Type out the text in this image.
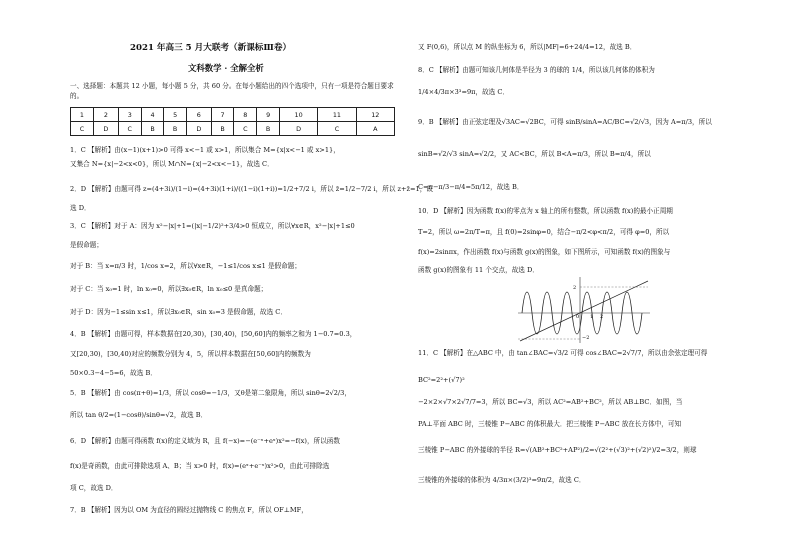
2021 年高三 5 月大联考（新课标Ⅲ卷）
文科数学 · 全解全析
一、选择题：本题共 12 小题，每小题 5 分，共 60 分。在每小题给出的四个选项中，只有一项是符合题目要求的。
1	2	3	4	5	6	7	8	9	10	11	12
C	D	C	B	B	D	B	C	B	D	C	A
1．C 【解析】由(x−1)(x+1)>0 可得 x<−1 或 x>1，所以集合 M={x|x<−1 或 x>1}，
又集合 N={x|−2<x<0}，所以 M∩N={x|−2<x<−1}，故选 C．
2．D 【解析】由题可得 z=(4+3i)/(1−i)=(4+3i)(1+i)/((1−i)(1+i))=1/2+7/2 i，所以 z̄=1/2−7/2 i，所以 z+z̄=1，故
选 D．
3．C 【解析】对于 A：因为 x²−|x|+1=(|x|−1/2)²+3/4>0 恒成立，所以∀x∈R，x²−|x|+1≤0
是假命题；
对于 B：当 x=π/3 时，1/cos x=2，所以∀x∈R，−1≤1/cos x≤1 是假命题；
对于 C：当 x₀=1 时，ln x₀=0，所以∃x₀∈R，ln x₀≤0 是真命题；
对于 D：因为−1≤sin x≤1，所以∃x₀∈R，sin x₀=3 是假命题，故选 C．
4．B 【解析】由题可得，样本数据在[20,30)，[30,40)，[50,60]内的频率之和为 1−0.7=0.3，
又[20,30)，[30,40)对应的频数分别为 4，5，所以样本数据在[50,60]内的频数为
50×0.3−4−5=6，故选 B．
5．B 【解析】由 cos(π+θ)=1/3，所以 cosθ=−1/3，又θ是第二象限角，所以 sinθ=2√2/3，
所以 tan θ/2=(1−cosθ)/sinθ=√2，故选 B．
6．D 【解析】由题可得函数 f(x)的定义域为 R，且 f(−x)=−(e⁻ˣ+eˣ)x²=−f(x)，所以函数
f(x)是奇函数，由此可排除选项 A、B；当 x>0 时，f(x)=(eˣ+e⁻ˣ)x²>0，由此可排除选
项 C，故选 D．
7．B 【解析】因为以 OM 为直径的圆经过抛物线 C 的焦点 F，所以 OF⊥MF，
又 F(0,6)，所以点 M 的纵坐标为 6，所以|MF|=6+24/4=12，故选 B．
8．C 【解析】由题可知该几何体是半径为 3 的球的 1/4，所以该几何体的体积为
1/4×4/3π×3³=9π，故选 C．
9．B 【解析】由正弦定理及√3AC=√2BC，可得 sinB/sinA=AC/BC=√2/√3，因为 A=π/3，所以
sinB=√2/√3 sinA=√2/2，又 AC<BC，所以 B<A=π/3，所以 B=π/4，所以
C=π−π/3−π/4=5π/12，故选 B．
10．D 【解析】因为函数 f(x)的零点为 x 轴上的所有整数，所以函数 f(x)的最小正周期
T=2，所以 ω=2π/T=π，且 f(0)=2sinφ=0，结合−π/2<φ<π/2，可得 φ=0，所以
f(x)=2sinπx，作出函数 f(x)与函数 g(x)的图象，如下图所示，可知函数 f(x)的图象与
函数 g(x)的图象有 11 个交点，故选 D．
11．C 【解析】在△ABC 中，由 tan∠BAC=√3/2 可得 cos∠BAC=2√7/7，所以由余弦定理可得
BC²=2²+(√7)²
−2×2×√7×2√7/7=3，所以 BC=√3，所以 AC²=AB²+BC²，所以 AB⊥BC．如图，当
PA⊥平面 ABC 时，三棱锥 P−ABC 的体积最大．把三棱锥 P−ABC 放在长方体中，可知
三棱锥 P−ABC 的外接球的半径 R=√(AB²+BC²+AP²)/2=√(2²+(√3)²+(√2)²)/2=3/2，则球
三棱锥的外接球的体积为 4/3π×(3/2)³=9π/2，故选 C．
0 1 2
2
−2
